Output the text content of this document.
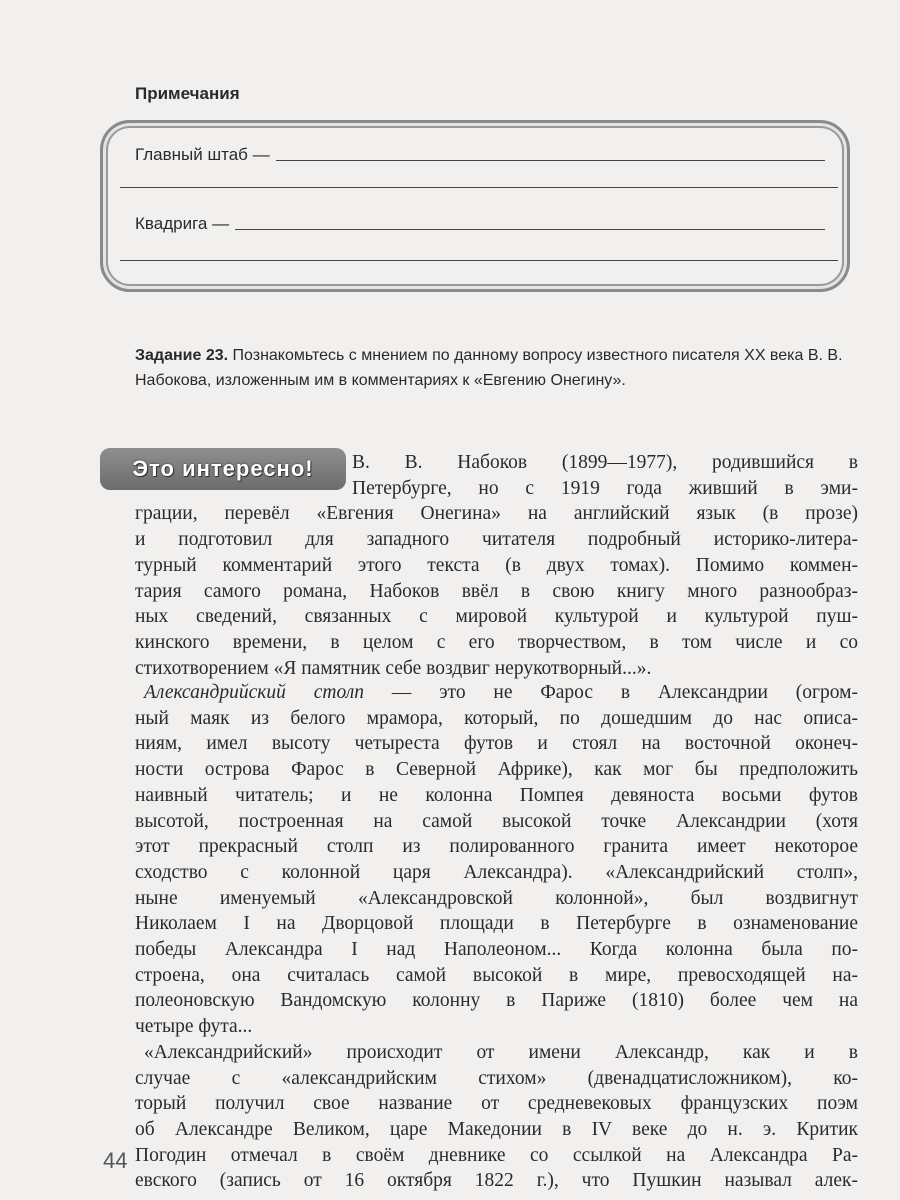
Примечания
Главный штаб —
Квадрига —
Задание 23. Познакомьтесь с мнением по данному вопросу известного писателя XX века В. В. Набокова, изложенным им в комментариях к «Евгению Онегину».
Это интересно!	В. В. Набоков (1899—1977), родившийся в
Петербурге, но с 1919 года живший в эми-
грации, перевёл «Евгения Онегина» на английский язык (в прозе)
и подготовил для западного читателя подробный историко-литера-
турный комментарий этого текста (в двух томах). Помимо коммен-
тария самого романа, Набоков ввёл в свою книгу много разнообраз-
ных сведений, связанных с мировой культурой и культурой пуш-
кинского времени, в целом с его творчеством, в том числе и со
стихотворением «Я памятник себе воздвиг нерукотворный...».
Александрийский столп — это не Фарос в Александрии (огром-
ный маяк из белого мрамора, который, по дошедшим до нас описа-
ниям, имел высоту четыреста футов и стоял на восточной оконеч-
ности острова Фарос в Северной Африке), как мог бы предположить
наивный читатель; и не колонна Помпея девяноста восьми футов
высотой, построенная на самой высокой точке Александрии (хотя
этот прекрасный столп из полированного гранита имеет некоторое
сходство с колонной царя Александра). «Александрийский столп»,
ныне именуемый «Александровской колонной», был воздвигнут
Николаем I на Дворцовой площади в Петербурге в ознаменование
победы Александра I над Наполеоном... Когда колонна была по-
строена, она считалась самой высокой в мире, превосходящей на-
полеоновскую Вандомскую колонну в Париже (1810) более чем на
четыре фута...
«Александрийский» происходит от имени Александр, как и в
случае с «александрийским стихом» (двенадцатисложником), ко-
торый получил свое название от средневековых французских поэм
об Александре Великом, царе Македонии в IV веке до н. э. Критик
Погодин отмечал в своём дневнике со ссылкой на Александра Ра-
евского (запись от 16 октября 1822 г.), что Пушкин называл алек-
44
